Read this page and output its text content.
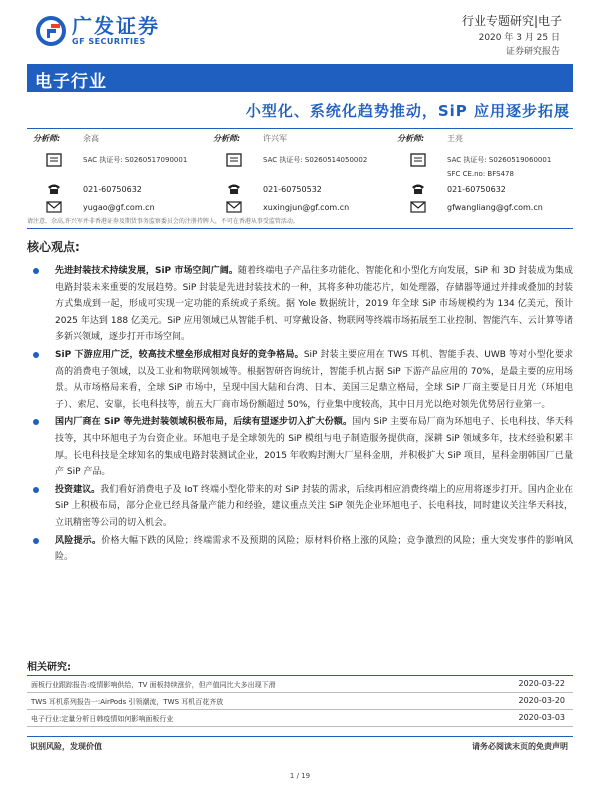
广发证券
GF SECURITIES
行业专题研究|电子
2020 年 3 月 25 日
证券研究报告
电子行业
小型化、系统化趋势推动，SiP 应用逐步拓展
分析师:	余高
SAC 执证号: S0260517090001
021-60750632
yugao@gf.com.cn
分析师:	许兴军
SAC 执证号: S0260514050002
021-60750532
xuxingjun@gf.com.cn
分析师:	王亮
SAC 执证号: S0260519060001
SFC CE.no: BFS478
021-60750632
gfwangliang@gf.com.cn
请注意，余高,许兴军并非香港证券及期货事务监察委员会的注册持牌人，不可在香港从事受监管活动。
核心观点:
先进封装技术持续发展，SiP 市场空间广阔。随着终端电子产品往多功能化、智能化和小型化方向发展，SiP 和 3D 封装成为集成电路封装未来重要的发展趋势。SiP 封装是先进封装技术的一种，其将多种功能芯片，如处理器，存储器等通过并排或叠加的封装方式集成到一起，形成可实现一定功能的系统或子系统。据 Yole 数据统计，2019 年全球 SiP 市场规模约为 134 亿美元，预计 2025 年达到 188 亿美元。SiP 应用领域已从智能手机、可穿戴设备、物联网等终端市场拓展至工业控制、智能汽车、云计算等诸多新兴领域，逐步打开市场空间。
SiP 下游应用广泛，较高技术壁垒形成相对良好的竞争格局。SiP 封装主要应用在 TWS 耳机、智能手表、UWB 等对小型化要求高的消费电子领域，以及工业和物联网领域等。根据智研咨询统计，智能手机占据 SiP 下游产品应用的 70%，是最主要的应用场景。从市场格局来看，全球 SiP 市场中，呈现中国大陆和台湾、日本、美国三足鼎立格局，全球 SiP 厂商主要是日月光（环旭电子）、索尼、安靠，长电科技等，前五大厂商市场份额超过 50%，行业集中度较高，其中日月光以绝对领先优势居行业第一。
国内厂商在 SiP 等先进封装领域积极布局，后续有望逐步切入扩大份额。国内 SiP 主要布局厂商为环旭电子、长电科技、华天科技等，其中环旭电子为台资企业。环旭电子是全球领先的 SiP 模组与电子制造服务提供商，深耕 SiP 领域多年，技术经验积累丰厚。长电科技是全球知名的集成电路封装测试企业，2015 年收购封测大厂星科金朋，并积极扩大 SiP 项目，星科金朋韩国厂已量产 SiP 产品。
投资建议。我们看好消费电子及 IoT 终端小型化带来的对 SiP 封装的需求，后续再相应消费终端上的应用将逐步打开。国内企业在 SiP 上积极布局，部分企业已经具备量产能力和经验，建议重点关注 SiP 领先企业环旭电子、长电科技，同时建议关注华天科技，立讯精密等公司的切入机会。
风险提示。价格大幅下跌的风险；终端需求不及预期的风险；原材料价格上涨的风险；竞争激烈的风险；重大突发事件的影响风险。
相关研究:
面板行业跟踪报告:疫情影响供给，TV 面板持续涨价，但产值同比大多出现下滑	2020-03-22
TWS 耳机系列报告一:AirPods 引领潮流，TWS 耳机百花齐放	2020-03-20
电子行业:定量分析日韩疫情如何影响面板行业	2020-03-03
识别风险，发现价值	请务必阅读末页的免责声明
1 / 19
